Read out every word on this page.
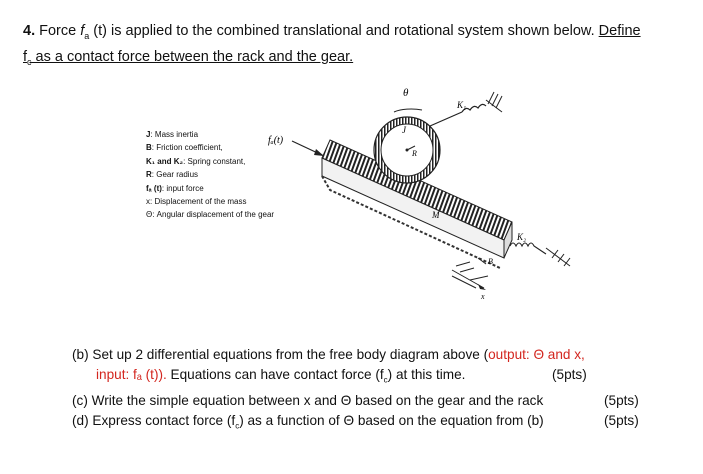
4. Force $f_a$ (t) is applied to the combined translational and rotational system shown below. Define
$f_c$ as a contact force between the rack and the gear.
J: Mass inertia
B: Friction coefficient,
K₁ and K₂: Spring constant,
R: Gear radius
fₐ (t): input force
x: Displacement of the mass
Θ: Angular displacement of the gear
fₐ(t)
θ
J
R
K₁
M
K₂
B
x
(b) Set up 2 differential equations from the free body diagram above (output: Θ and x,
input: fₐ (t)). Equations can have contact force $(f_c)$ at this time.	(5pts)
(c) Write the simple equation between x and Θ based on the gear and the rack	(5pts)
(d) Express contact force $(f_c)$ as a function of Θ based on the equation from (b)	(5pts)
